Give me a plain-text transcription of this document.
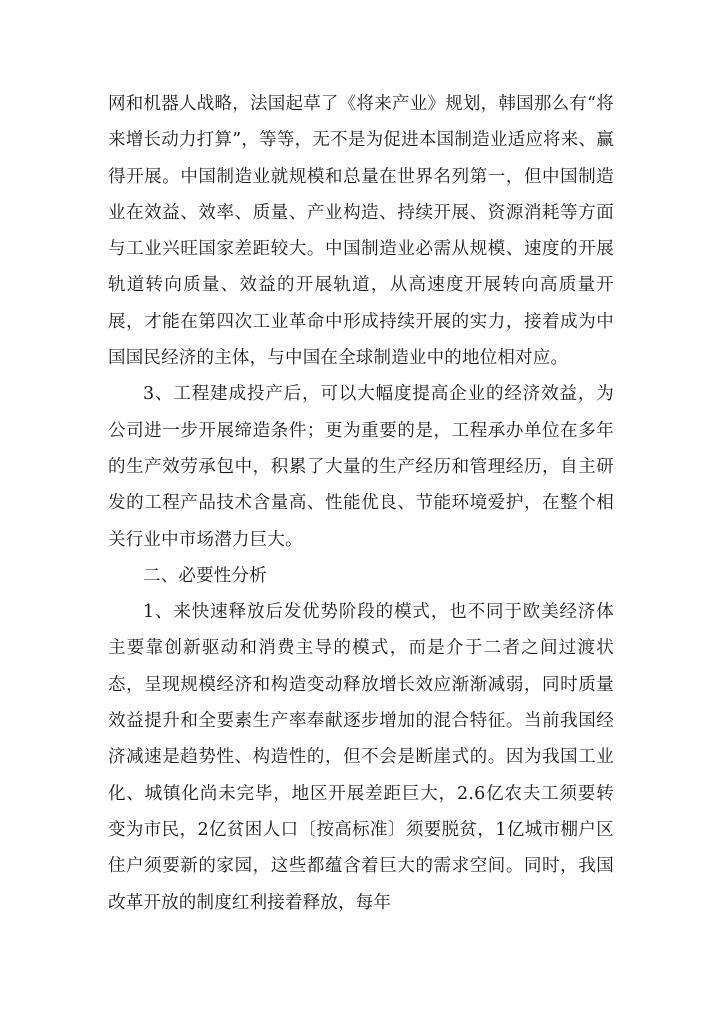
网和机器人战略，法国起草了《将来产业》规划，韩国那么有“将来增长动力打算”，等等，无不是为促进本国制造业适应将来、赢得开展。中国制造业就规模和总量在世界名列第一，但中国制造业在效益、效率、质量、产业构造、持续开展、资源消耗等方面与工业兴旺国家差距较大。中国制造业必需从规模、速度的开展轨道转向质量、效益的开展轨道，从高速度开展转向高质量开展，才能在第四次工业革命中形成持续开展的实力，接着成为中国国民经济的主体，与中国在全球制造业中的地位相对应。

3、工程建成投产后，可以大幅度提高企业的经济效益，为公司进一步开展缔造条件；更为重要的是，工程承办单位在多年的生产效劳承包中，积累了大量的生产经历和管理经历，自主研发的工程产品技术含量高、性能优良、节能环境爱护，在整个相关行业中市场潜力巨大。

二、必要性分析

1、来快速释放后发优势阶段的模式，也不同于欧美经济体主要靠创新驱动和消费主导的模式，而是介于二者之间过渡状态，呈现规模经济和构造变动释放增长效应渐渐减弱，同时质量效益提升和全要素生产率奉献逐步增加的混合特征。当前我国经济减速是趋势性、构造性的，但不会是断崖式的。因为我国工业化、城镇化尚未完毕，地区开展差距巨大，2.6亿农夫工须要转变为市民，2亿贫困人口〔按高标准〕须要脱贫，1亿城市棚户区住户须要新的家园，这些都蕴含着巨大的需求空间。同时，我国改革开放的制度红利接着释放，每年
